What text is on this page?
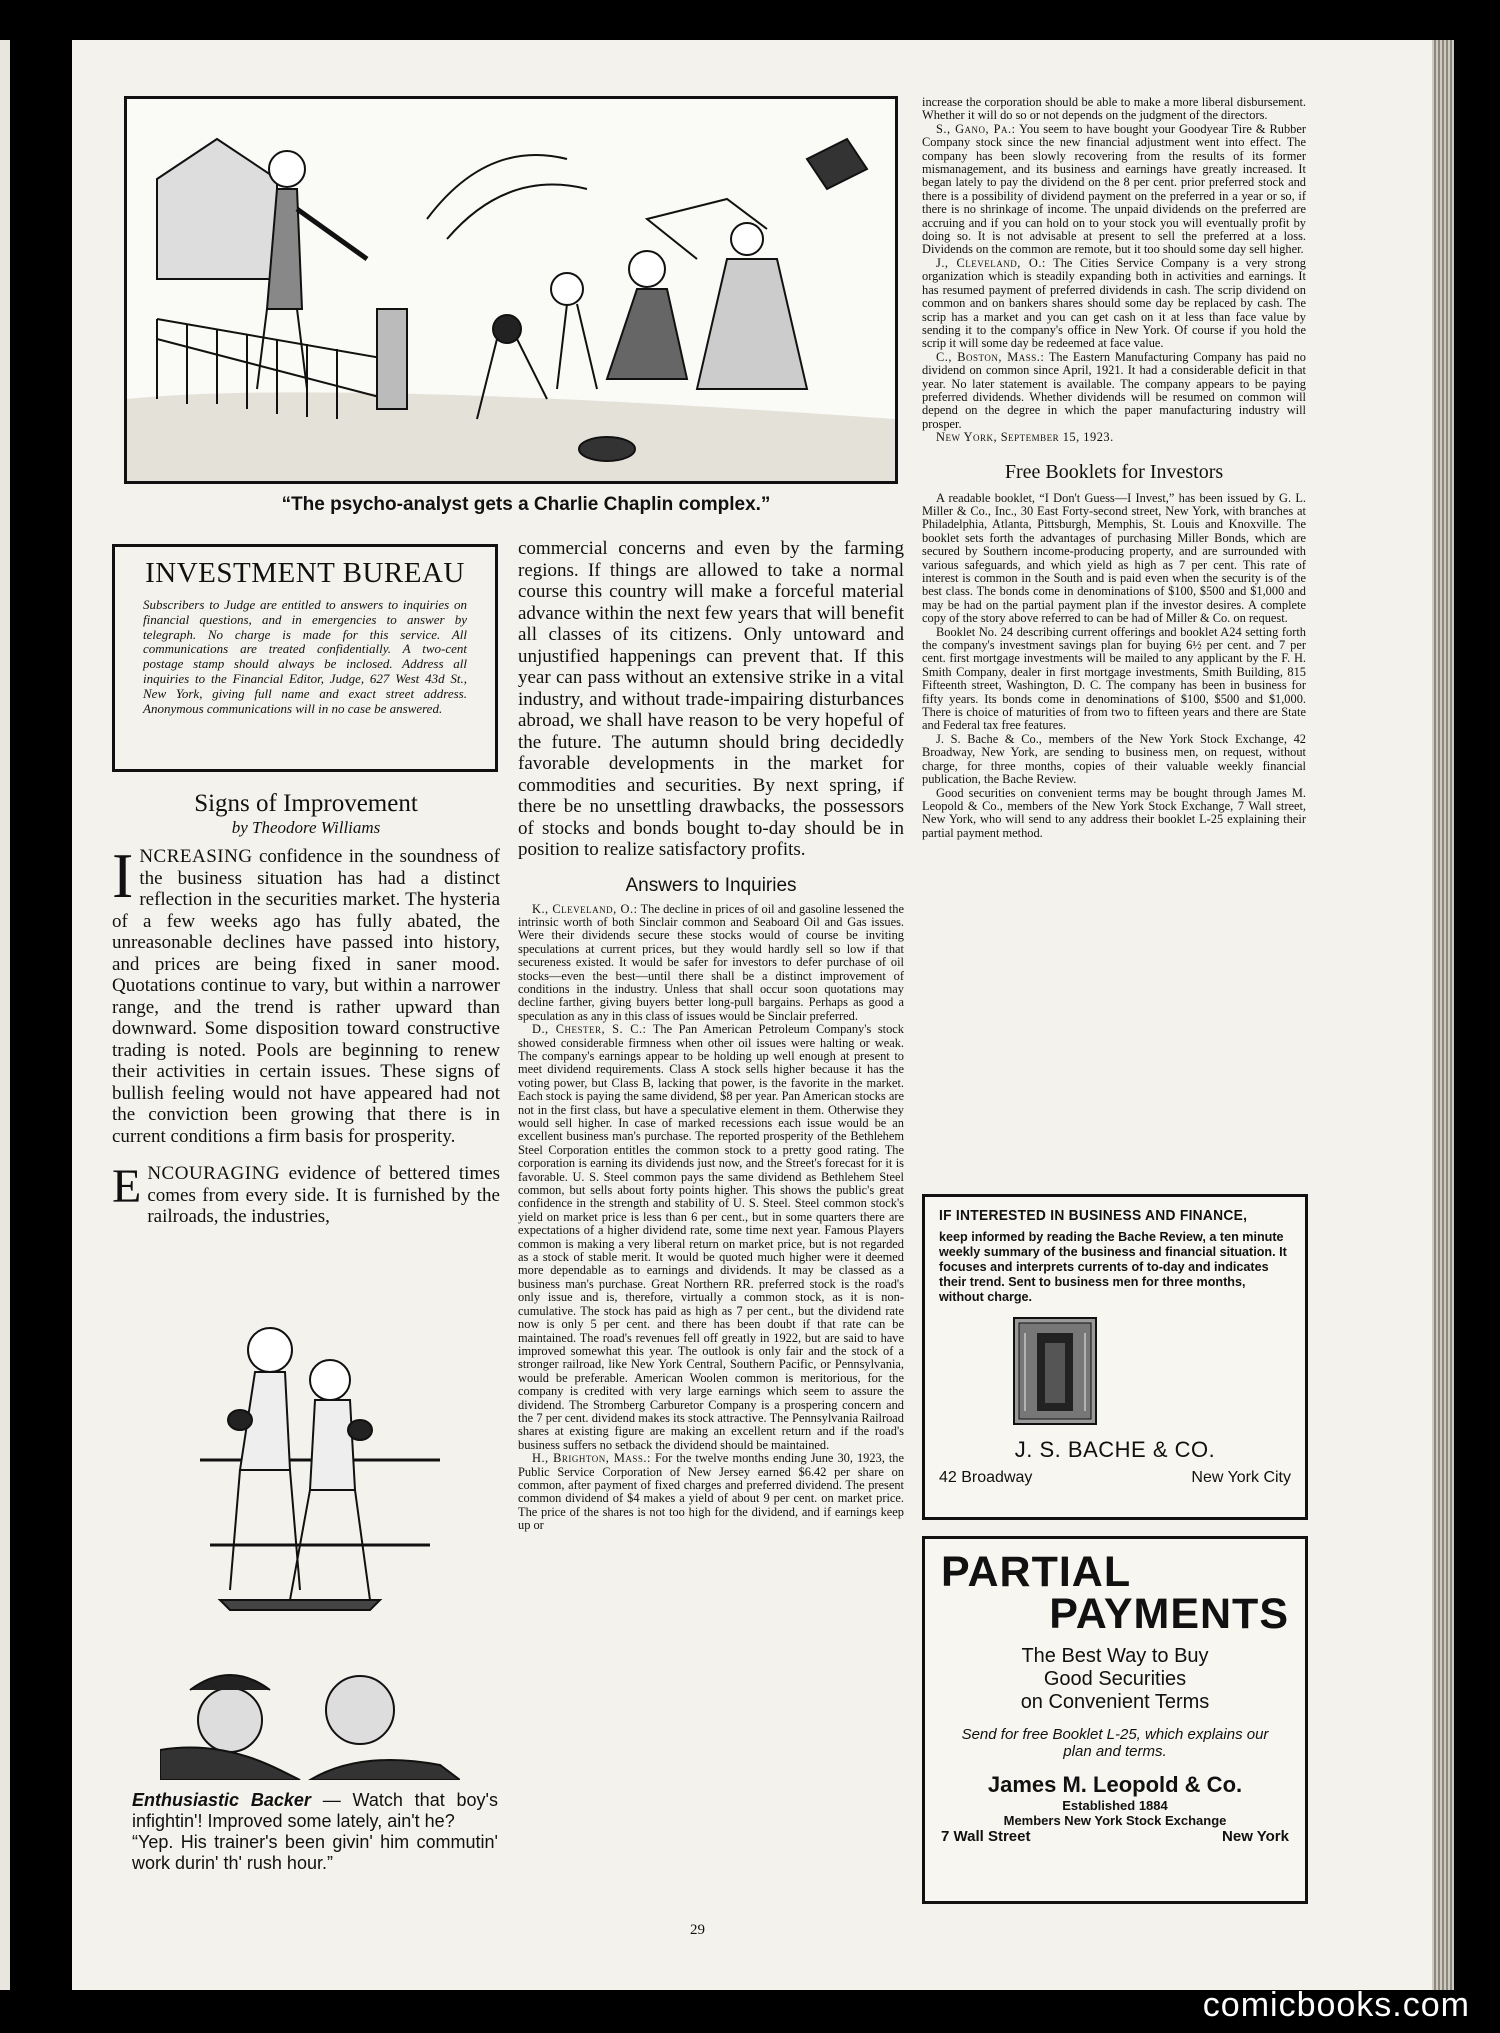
“The psycho-analyst gets a Charlie Chaplin complex.”
INVESTMENT BUREAU
Subscribers to Judge are entitled to answers to inquiries on financial questions, and in emergencies to answer by telegraph. No charge is made for this service. All communications are treated confidentially. A two-cent postage stamp should always be inclosed. Address all inquiries to the Financial Editor, Judge, 627 West 43d St., New York, giving full name and exact street address. Anonymous communications will in no case be answered.
Signs of Improvement
by Theodore Williams

INCREASING confidence in the soundness of the business situation has had a distinct reflection in the securities market. The hysteria of a few weeks ago has fully abated, the unreasonable declines have passed into history, and prices are being fixed in saner mood. Quotations continue to vary, but within a narrower range, and the trend is rather upward than downward. Some disposition toward constructive trading is noted. Pools are beginning to renew their activities in certain issues. These signs of bullish feeling would not have appeared had not the conviction been growing that there is in current conditions a firm basis for prosperity.

ENCOURAGING evidence of bettered times comes from every side. It is furnished by the railroads, the industries,

Enthusiastic Backer — Watch that boy's infightin'! Improved some lately, ain't he?
“Yep. His trainer's been givin' him commutin' work durin' th' rush hour.”

commercial concerns and even by the farming regions. If things are allowed to take a normal course this country will make a forceful material advance within the next few years that will benefit all classes of its citizens. Only untoward and unjustified happenings can prevent that. If this year can pass without an extensive strike in a vital industry, and without trade-impairing disturbances abroad, we shall have reason to be very hopeful of the future. The autumn should bring decidedly favorable developments in the market for commodities and securities. By next spring, if there be no unsettling drawbacks, the possessors of stocks and bonds bought to-day should be in position to realize satisfactory profits.

Answers to Inquiries

K., Cleveland, O.: The decline in prices of oil and gasoline lessened the intrinsic worth of both Sinclair common and Seaboard Oil and Gas issues. Were their dividends secure these stocks would of course be inviting speculations at current prices, but they would hardly sell so low if that secureness existed. It would be safer for investors to defer purchase of oil stocks—even the best—until there shall be a distinct improvement of conditions in the industry. Unless that shall occur soon quotations may decline farther, giving buyers better long-pull bargains. Perhaps as good a speculation as any in this class of issues would be Sinclair preferred.

D., Chester, S. C.: The Pan American Petroleum Company's stock showed considerable firmness when other oil issues were halting or weak. The company's earnings appear to be holding up well enough at present to meet dividend requirements. Class A stock sells higher because it has the voting power, but Class B, lacking that power, is the favorite in the market. Each stock is paying the same dividend, $8 per year. Pan American stocks are not in the first class, but have a speculative element in them. Otherwise they would sell higher. In case of marked recessions each issue would be an excellent business man's purchase. The reported prosperity of the Bethlehem Steel Corporation entitles the common stock to a pretty good rating. The corporation is earning its dividends just now, and the Street's forecast for it is favorable. U. S. Steel common pays the same dividend as Bethlehem Steel common, but sells about forty points higher. This shows the public's great confidence in the strength and stability of U. S. Steel. Steel common stock's yield on market price is less than 6 per cent., but in some quarters there are expectations of a higher dividend rate, some time next year. Famous Players common is making a very liberal return on market price, but is not regarded as a stock of stable merit. It would be quoted much higher were it deemed more dependable as to earnings and dividends. It may be classed as a business man's purchase. Great Northern RR. preferred stock is the road's only issue and is, therefore, virtually a common stock, as it is non-cumulative. The stock has paid as high as 7 per cent., but the dividend rate now is only 5 per cent. and there has been doubt if that rate can be maintained. The road's revenues fell off greatly in 1922, but are said to have improved somewhat this year. The outlook is only fair and the stock of a stronger railroad, like New York Central, Southern Pacific, or Pennsylvania, would be preferable. American Woolen common is meritorious, for the company is credited with very large earnings which seem to assure the dividend. The Stromberg Carburetor Company is a prospering concern and the 7 per cent. dividend makes its stock attractive. The Pennsylvania Railroad shares at existing figure are making an excellent return and if the road's business suffers no setback the dividend should be maintained.

H., Brighton, Mass.: For the twelve months ending June 30, 1923, the Public Service Corporation of New Jersey earned $6.42 per share on common, after payment of fixed charges and preferred dividend. The present common dividend of $4 makes a yield of about 9 per cent. on market price. The price of the shares is not too high for the dividend, and if earnings keep up or

increase the corporation should be able to make a more liberal disbursement. Whether it will do so or not depends on the judgment of the directors.

S., Gano, Pa.: You seem to have bought your Goodyear Tire & Rubber Company stock since the new financial adjustment went into effect. The company has been slowly recovering from the results of its former mismanagement, and its business and earnings have greatly increased. It began lately to pay the dividend on the 8 per cent. prior preferred stock and there is a possibility of dividend payment on the preferred in a year or so, if there is no shrinkage of income. The unpaid dividends on the preferred are accruing and if you can hold on to your stock you will eventually profit by doing so. It is not advisable at present to sell the preferred at a loss. Dividends on the common are remote, but it too should some day sell higher.

J., Cleveland, O.: The Cities Service Company is a very strong organization which is steadily expanding both in activities and earnings. It has resumed payment of preferred dividends in cash. The scrip dividend on common and on bankers shares should some day be replaced by cash. The scrip has a market and you can get cash on it at less than face value by sending it to the company's office in New York. Of course if you hold the scrip it will some day be redeemed at face value.

C., Boston, Mass.: The Eastern Manufacturing Company has paid no dividend on common since April, 1921. It had a considerable deficit in that year. No later statement is available. The company appears to be paying preferred dividends. Whether dividends will be resumed on common will depend on the degree in which the paper manufacturing industry will prosper.

New York, September 15, 1923.

Free Booklets for Investors

A readable booklet, “I Don't Guess—I Invest,” has been issued by G. L. Miller & Co., Inc., 30 East Forty-second street, New York, with branches at Philadelphia, Atlanta, Pittsburgh, Memphis, St. Louis and Knoxville. The booklet sets forth the advantages of purchasing Miller Bonds, which are secured by Southern income-producing property, and are surrounded with various safeguards, and which yield as high as 7 per cent. This rate of interest is common in the South and is paid even when the security is of the best class. The bonds come in denominations of $100, $500 and $1,000 and may be had on the partial payment plan if the investor desires. A complete copy of the story above referred to can be had of Miller & Co. on request.

Booklet No. 24 describing current offerings and booklet A24 setting forth the company's investment savings plan for buying 6½ per cent. and 7 per cent. first mortgage investments will be mailed to any applicant by the F. H. Smith Company, dealer in first mortgage investments, Smith Building, 815 Fifteenth street, Washington, D. C. The company has been in business for fifty years. Its bonds come in denominations of $100, $500 and $1,000. There is choice of maturities of from two to fifteen years and there are State and Federal tax free features.

J. S. Bache & Co., members of the New York Stock Exchange, 42 Broadway, New York, are sending to business men, on request, without charge, for three months, copies of their valuable weekly financial publication, the Bache Review.

Good securities on convenient terms may be bought through James M. Leopold & Co., members of the New York Stock Exchange, 7 Wall street, New York, who will send to any address their booklet L-25 explaining their partial payment method.

IF INTERESTED IN BUSINESS AND FINANCE,
keep informed by reading the Bache Review, a ten minute weekly summary of the business and financial situation. It focuses and interprets currents of to-day and indicates their trend. Sent to business men for three months, without charge.
J. S. BACHE & CO.
42 Broadway	New York City
PARTIAL
PAYMENTS
The Best Way to Buy
Good Securities
on Convenient Terms
Send for free Booklet L-25, which explains our plan and terms.
James M. Leopold & Co.
Established 1884
Members New York Stock Exchange
7 Wall Street	New York
29
comicbooks.com
